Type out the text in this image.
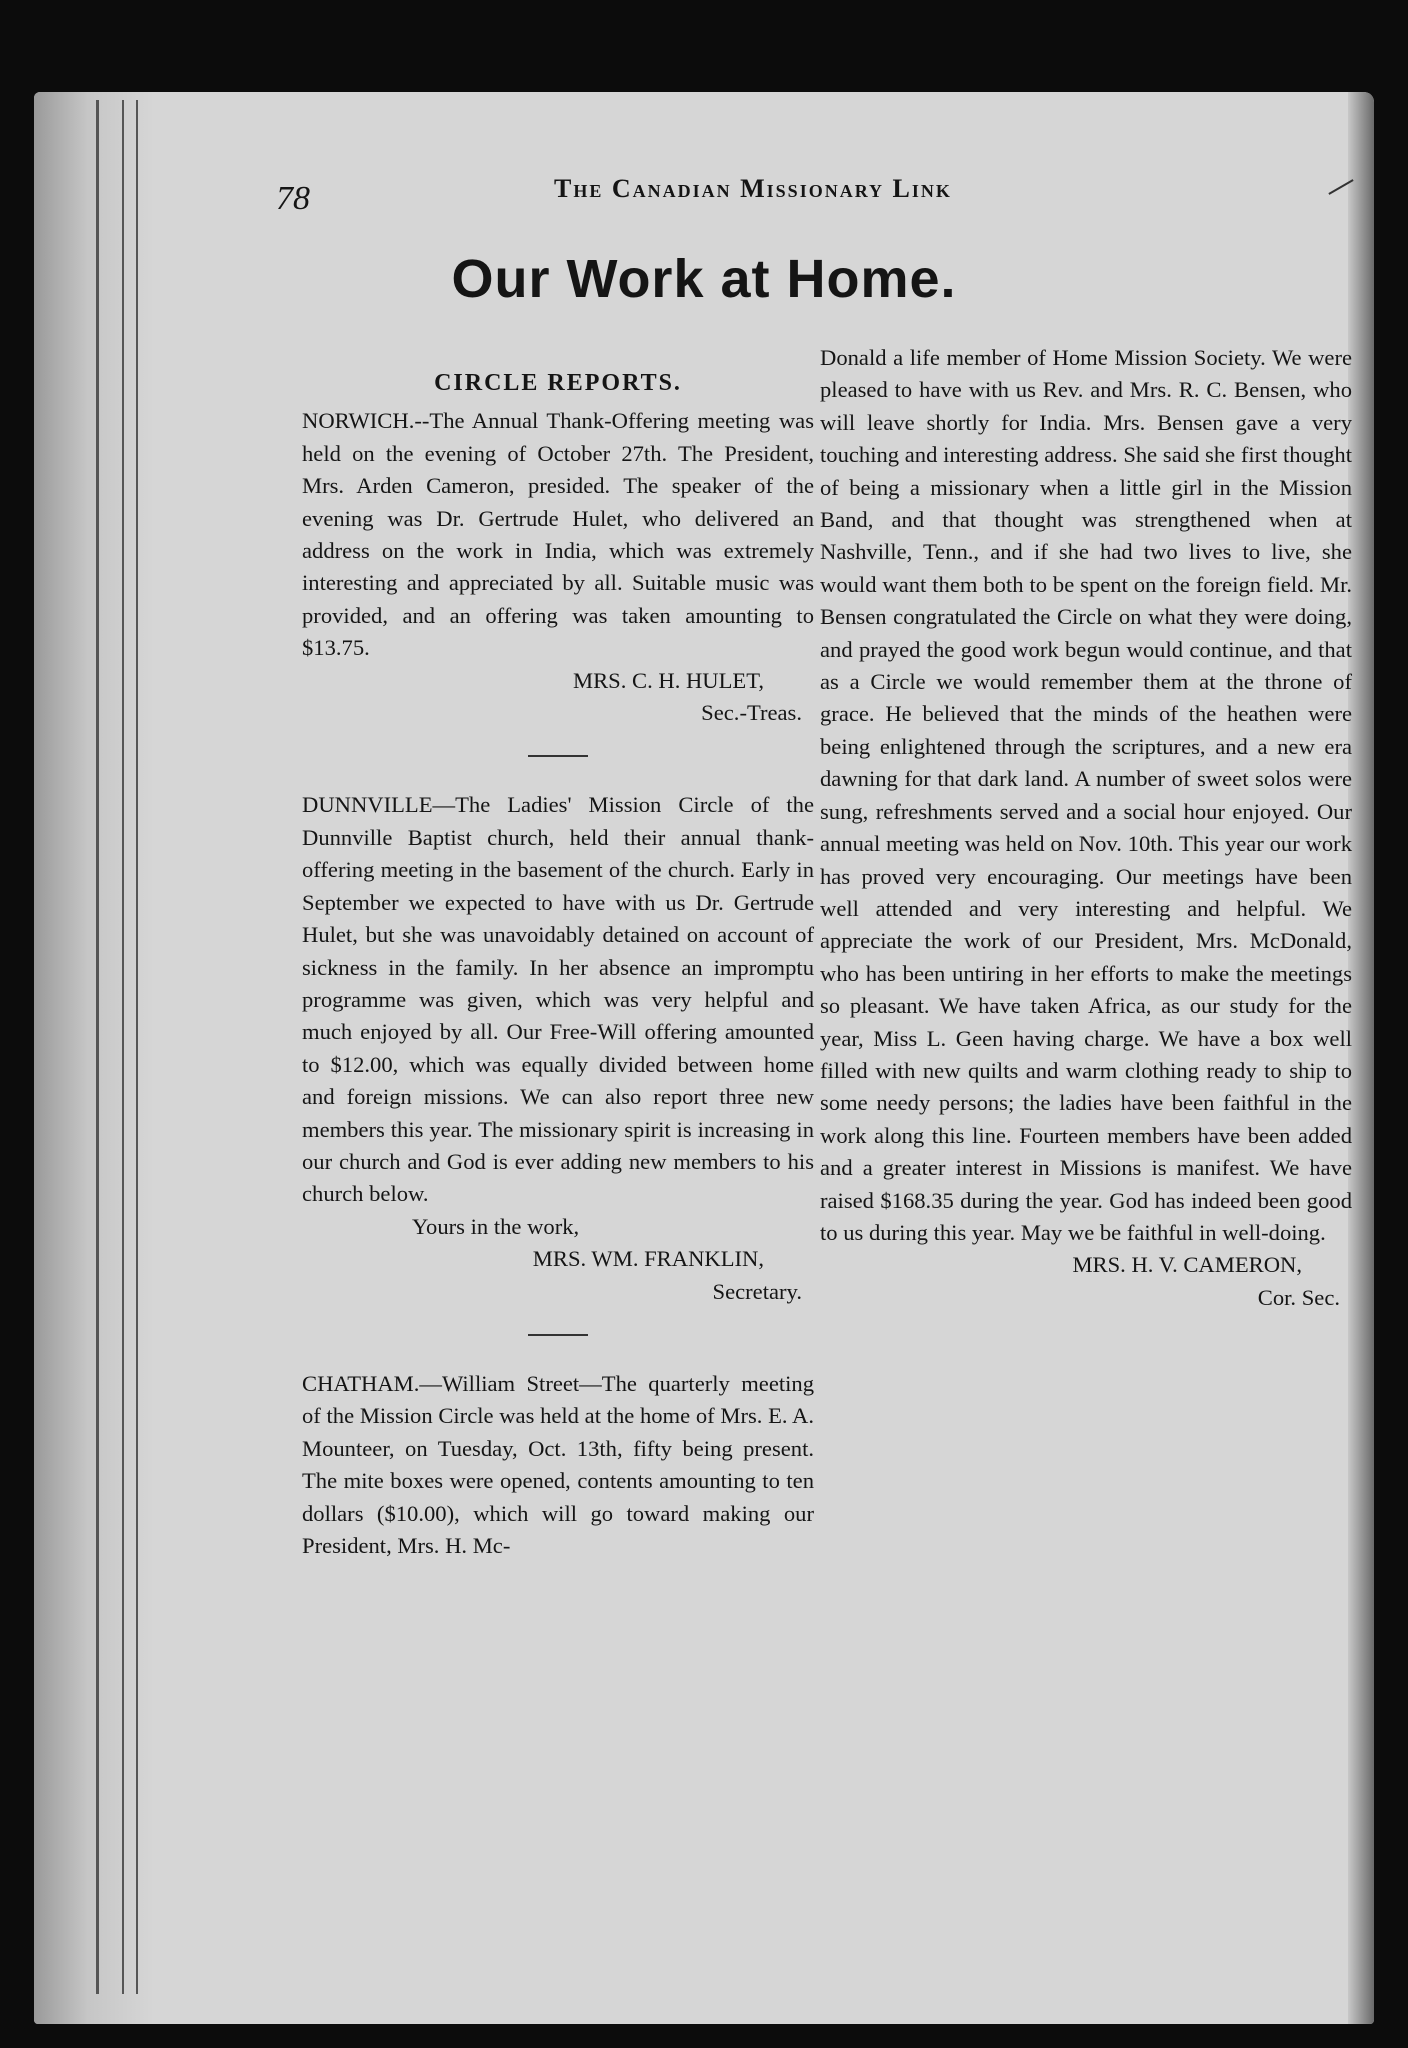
78	The Canadian Missionary Link
Our Work at Home.

CIRCLE REPORTS.

NORWICH.--The Annual Thank-Offering meeting was held on the evening of October 27th. The President, Mrs. Arden Cameron, presided. The speaker of the evening was Dr. Gertrude Hulet, who delivered an address on the work in India, which was extremely interesting and appreciated by all. Suitable music was provided, and an offering was taken amounting to $13.75.

MRS. C. H. HULET,

Sec.-Treas.

DUNNVILLE—The Ladies' Mission Circle of the Dunnville Baptist church, held their annual thank-offering meeting in the basement of the church. Early in September we expected to have with us Dr. Gertrude Hulet, but she was unavoidably detained on account of sickness in the family. In her absence an impromptu programme was given, which was very helpful and much enjoyed by all. Our Free-Will offering amounted to $12.00, which was equally divided between home and foreign missions. We can also report three new members this year. The missionary spirit is increasing in our church and God is ever adding new members to his church below.

Yours in the work,

MRS. WM. FRANKLIN,

Secretary.

CHATHAM.—William Street—The quarterly meeting of the Mission Circle was held at the home of Mrs. E. A. Mounteer, on Tuesday, Oct. 13th, fifty being present. The mite boxes were opened, contents amounting to ten dollars ($10.00), which will go toward making our President, Mrs. H. Mc-

Donald a life member of Home Mission Society. We were pleased to have with us Rev. and Mrs. R. C. Bensen, who will leave shortly for India. Mrs. Bensen gave a very touching and interesting address. She said she first thought of being a missionary when a little girl in the Mission Band, and that thought was strengthened when at Nashville, Tenn., and if she had two lives to live, she would want them both to be spent on the foreign field. Mr. Bensen congratulated the Circle on what they were doing, and prayed the good work begun would continue, and that as a Circle we would remember them at the throne of grace. He believed that the minds of the heathen were being enlightened through the scriptures, and a new era dawning for that dark land. A number of sweet solos were sung, refreshments served and a social hour enjoyed. Our annual meeting was held on Nov. 10th. This year our work has proved very encouraging. Our meetings have been well attended and very interesting and helpful. We appreciate the work of our President, Mrs. McDonald, who has been untiring in her efforts to make the meetings so pleasant. We have taken Africa, as our study for the year, Miss L. Geen having charge. We have a box well filled with new quilts and warm clothing ready to ship to some needy persons; the ladies have been faithful in the work along this line. Fourteen members have been added and a greater interest in Missions is manifest. We have raised $168.35 during the year. God has indeed been good to us during this year. May we be faithful in well-doing.

MRS. H. V. CAMERON,

Cor. Sec.
